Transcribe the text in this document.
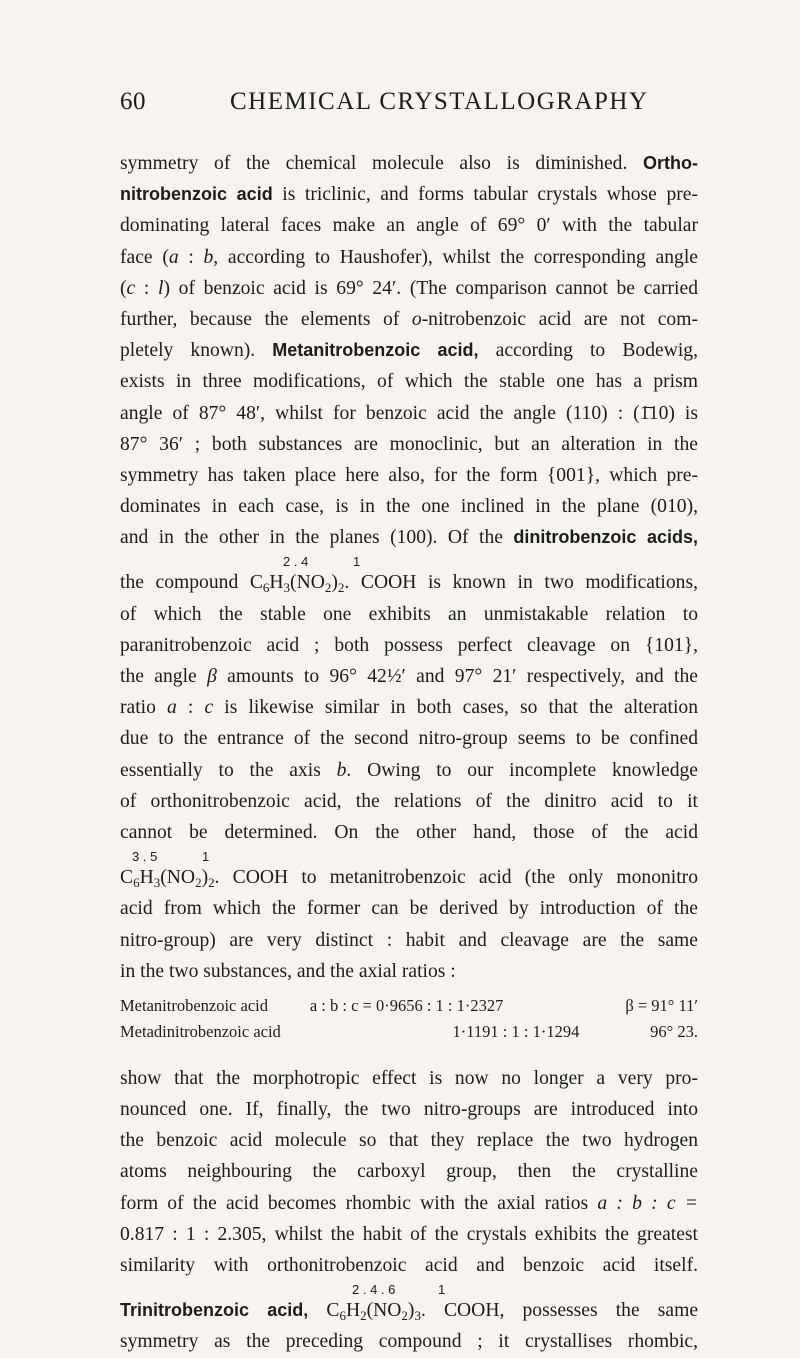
60	CHEMICAL CRYSTALLOGRAPHY
symmetry of the chemical molecule also is diminished. Ortho-
nitrobenzoic acid is triclinic, and forms tabular crystals whose pre-
dominating lateral faces make an angle of 69° 0′ with the tabular
face (a : b, according to Haushofer), whilst the corresponding angle
(c : l) of benzoic acid is 69° 24′. (The comparison cannot be carried
further, because the elements of o-nitrobenzoic acid are not com-
pletely known). Metanitrobenzoic acid, according to Bodewig,
exists in three modifications, of which the stable one has a prism
angle of 87° 48′, whilst for benzoic acid the angle (110) : (1̄10) is
87° 36′ ; both substances are monoclinic, but an alteration in the
symmetry has taken place here also, for the form {001}, which pre-
dominates in each case, is in the one inclined in the plane (010),
and in the other in the planes (100). Of the dinitrobenzoic acids,
2 . 4	1
the compound $C_6H_3(NO_2)_2$. COOH is known in two modifications,
of which the stable one exhibits an unmistakable relation to
paranitrobenzoic acid ; both possess perfect cleavage on {101},
the angle β amounts to 96° 42½′ and 97° 21′ respectively, and the
ratio a : c is likewise similar in both cases, so that the alteration
due to the entrance of the second nitro-group seems to be confined
essentially to the axis b. Owing to our incomplete knowledge
of orthonitrobenzoic acid, the relations of the dinitro acid to it
cannot be determined. On the other hand, those of the acid
3 . 5	1
$C_6H_3(NO_2)_2$. COOH to metanitrobenzoic acid (the only mononitro
acid from which the former can be derived by introduction of the
nitro-group) are very distinct : habit and cleavage are the same
in the two substances, and the axial ratios :
Metanitrobenzoic acid	a : b : c = 0·9656 : 1 : 1·2327	β = 91° 11′
Metadinitrobenzoic acid	1·1191 : 1 : 1·1294	96° 23.
show that the morphotropic effect is now no longer a very pro-
nounced one. If, finally, the two nitro-groups are introduced into
the benzoic acid molecule so that they replace the two hydrogen
atoms neighbouring the carboxyl group, then the crystalline
form of the acid becomes rhombic with the axial ratios a : b : c =
0.817 : 1 : 2.305, whilst the habit of the crystals exhibits the greatest
similarity with orthonitrobenzoic acid and benzoic acid itself.
2 . 4 . 6	1
Trinitrobenzoic acid, $C_6H_2(NO_2)_3$. COOH, possesses the same
symmetry as the preceding compound ; it crystallises rhombic,
